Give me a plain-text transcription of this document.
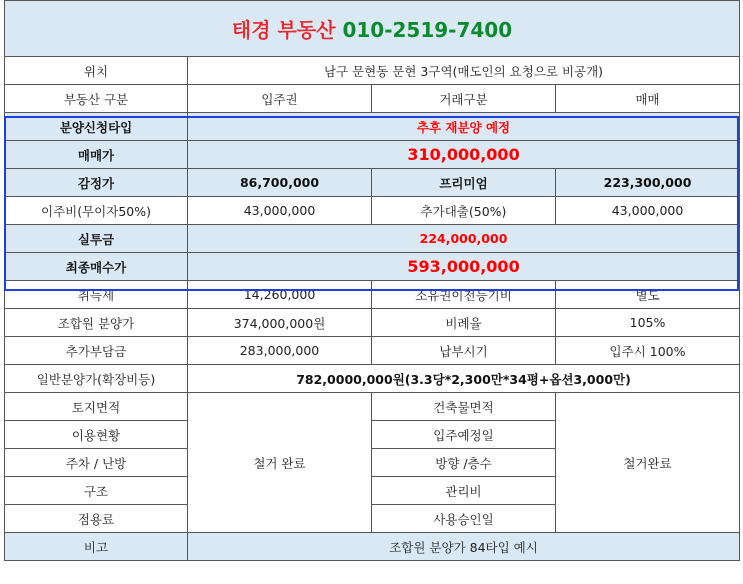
태경 부동산 010-2519-7400			
위치	남구 문현동 문현 3구역(매도인의 요청으로 비공개)		
부동산 구분	입주권	거래구분	매매
분양신청타입	추후 재분양 예정		
매매가	310,000,000		
감정가	86,700,000	프리미엄	223,300,000
이주비(무이자50%)	43,000,000	추가대출(50%)	43,000,000
실투금	224,000,000		
최종매수가	593,000,000		
취득세	14,260,000	소유권이전등기비	별도
조합원 분양가	374,000,000원	비례율	105%
추가부담금	283,000,000	납부시기	입주시 100%
일반분양가(확장비등)	782,0000,000원(3.3당*2,300만*34평+옵션3,000만)		
토지면적	철거 완료	건축물면적	철거완료
이용현황		입주예정일	
주차 / 난방		방향 /층수	
구조		관리비	
점용료		사용승인일	
비고	조합원 분양가 84타입 예시		
